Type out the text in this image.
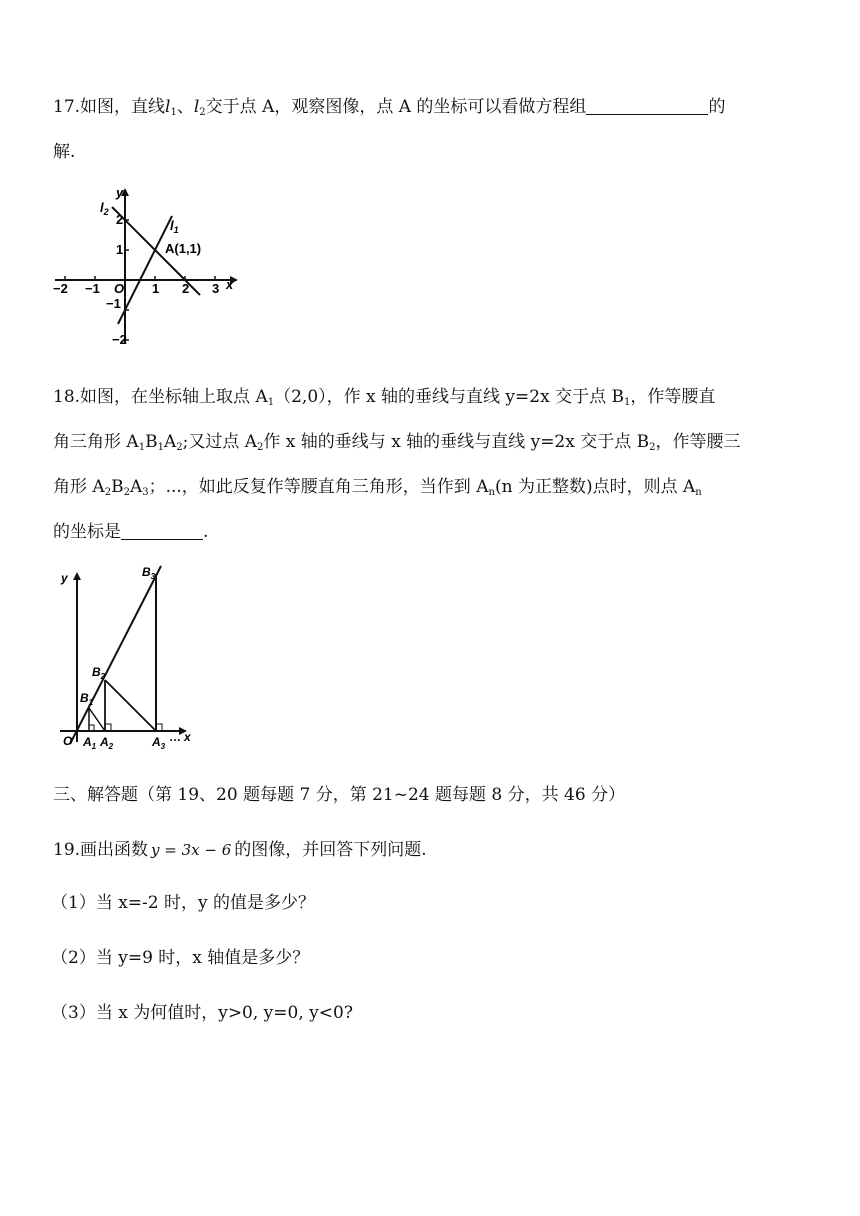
17.如图，直线$l_1$、$l_2$交于点 A，观察图像，点 A 的坐标可以看做方程组	的
解.
y
x
O
$l_2$
$l_1$
A(1,1)
−2 −1	1 2 3
2
1
−1
−2
18.如图，在坐标轴上取点 $A_1(2,0)$，作 x 轴的垂线与直线 y=2x 交于点 $B_1$，作等腰直
角三角形 $A_1B_1A_2$;又过点 $A_2$作 x 轴的垂线与 x 轴的垂线与直线 y=2x 交于点 $B_2$，作等腰三
角形 $A_2B_2A_3$；...，如此反复作等腰直角三角形，当作到 $A_n(n$ 为正整数)点时，则点 $A_n$
的坐标是	.
y
x
O
$B_1$
$B_2$
$B_3$
$A_1$ $A_2$	$A_3$
…
三、解答题（第 19、20 题每题 7 分，第 21~24 题每题 8 分，共 46 分）
19.画出函数 y = 3x − 6 的图像，并回答下列问题.
（1）当 x=-2 时，y 的值是多少？
（2）当 y=9 时，x 轴值是多少？
（3）当 x 为何值时，y>0, y=0, y<0?
